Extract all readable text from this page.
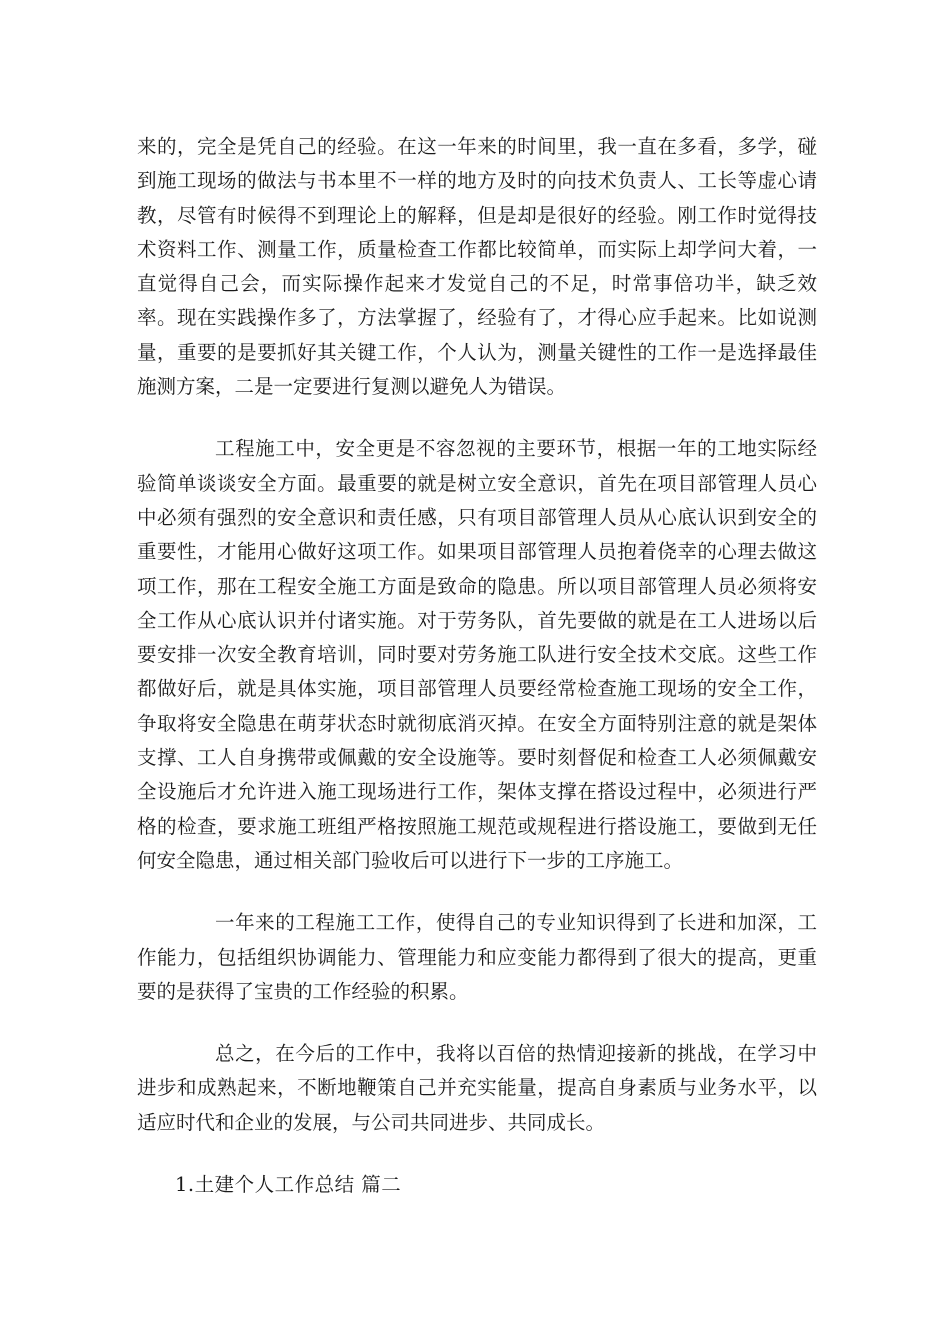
来的，完全是凭自己的经验。在这一年来的时间里，我一直在多看，多学，碰到施工现场的做法与书本里不一样的地方及时的向技术负责人、工长等虚心请教，尽管有时候得不到理论上的解释，但是却是很好的经验。刚工作时觉得技术资料工作、测量工作，质量检查工作都比较简单，而实际上却学问大着，一直觉得自己会，而实际操作起来才发觉自己的不足，时常事倍功半，缺乏效率。现在实践操作多了，方法掌握了，经验有了，才得心应手起来。比如说测量，重要的是要抓好其关键工作，个人认为，测量关键性的工作一是选择最佳施测方案，二是一定要进行复测以避免人为错误。

工程施工中，安全更是不容忽视的主要环节，根据一年的工地实际经验简单谈谈安全方面。最重要的就是树立安全意识，首先在项目部管理人员心中必须有强烈的安全意识和责任感，只有项目部管理人员从心底认识到安全的重要性，才能用心做好这项工作。如果项目部管理人员抱着侥幸的心理去做这项工作，那在工程安全施工方面是致命的隐患。所以项目部管理人员必须将安全工作从心底认识并付诸实施。对于劳务队，首先要做的就是在工人进场以后要安排一次安全教育培训，同时要对劳务施工队进行安全技术交底。这些工作都做好后，就是具体实施，项目部管理人员要经常检查施工现场的安全工作，争取将安全隐患在萌芽状态时就彻底消灭掉。在安全方面特别注意的就是架体支撑、工人自身携带或佩戴的安全设施等。要时刻督促和检查工人必须佩戴安全设施后才允许进入施工现场进行工作，架体支撑在搭设过程中，必须进行严格的检查，要求施工班组严格按照施工规范或规程进行搭设施工，要做到无任何安全隐患，通过相关部门验收后可以进行下一步的工序施工。

一年来的工程施工工作，使得自己的专业知识得到了长进和加深，工作能力，包括组织协调能力、管理能力和应变能力都得到了很大的提高，更重要的是获得了宝贵的工作经验的积累。

总之，在今后的工作中，我将以百倍的热情迎接新的挑战，在学习中进步和成熟起来，不断地鞭策自己并充实能量，提高自身素质与业务水平，以适应时代和企业的发展，与公司共同进步、共同成长。

1.土建个人工作总结 篇二
